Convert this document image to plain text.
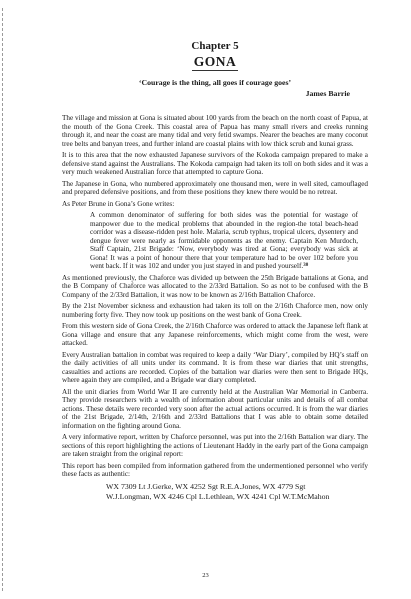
Chapter 5
GONA
‘Courage is the thing, all goes if courage goes’
James Barrie

The village and mission at Gona is situated about 100 yards from the beach on the north coast of Papua, at the mouth of the Gona Creek. This coastal area of Papua has many small rivers and creeks running through it, and near the coast are many tidal and very fetid swamps. Nearer the beaches are many coconut tree belts and banyan trees, and further inland are coastal plains with low thick scrub and kunai grass.

It is to this area that the now exhausted Japanese survivors of the Kokoda campaign prepared to make a defensive stand against the Australians. The Kokoda campaign had taken its toll on both sides and it was a very much weakened Australian force that attempted to capture Gona.

The Japanese in Gona, who numbered approximately one thousand men, were in well sited, camouflaged and prepared defensive positions, and from these positions they knew there would be no retreat.

As Peter Brune in Gona’s Gone writes:

A common denominator of suffering for both sides was the potential for wastage of manpower due to the medical problems that abounded in the region-the total beach-head corridor was a disease-ridden pest hole. Malaria, scrub typhus, tropical ulcers, dysentery and dengue fever were nearly as formidable opponents as the enemy. Captain Ken Murdoch, Staff Captain, 21st Brigade: ‘Now, everybody was tired at Gona; everybody was sick at Gona! It was a point of honour there that your temperature had to be over 102 before you went back. If it was 102 and under you just stayed in and pushed yourself.$^{30}$

As mentioned previously, the Chaforce was divided up between the 25th Brigade battalions at Gona, and the B Company of Chaforce was allocated to the 2/33rd Battalion. So as not to be confused with the B Company of the 2/33rd Battalion, it was now to be known as 2/16th Battalion Chaforce.

By the 21st November sickness and exhaustion had taken its toll on the 2/16th Chaforce men, now only numbering forty five. They now took up positions on the west bank of Gona Creek.

From this western side of Gona Creek, the 2/16th Chaforce was ordered to attack the Japanese left flank at Gona village and ensure that any Japanese reinforcements, which might come from the west, were attacked.

Every Australian battalion in combat was required to keep a daily ‘War Diary’, compiled by HQ’s staff on the daily activities of all units under its command. It is from these war diaries that unit strengths, casualties and actions are recorded. Copies of the battalion war diaries were then sent to Brigade HQs, where again they are compiled, and a Brigade war diary completed.

All the unit diaries from World War II are currently held at the Australian War Memorial in Canberra. They provide researchers with a wealth of information about particular units and details of all combat actions. These details were recorded very soon after the actual actions occurred. It is from the war diaries of the 21st Brigade, 2/14th, 2/16th and 2/33rd Battalions that I was able to obtain some detailed information on the fighting around Gona.

A very informative report, written by Chaforce personnel, was put into the 2/16th Battalion war diary. The sections of this report highlighting the actions of Lieutenant Haddy in the early part of the Gona campaign are taken straight from the original report:

This report has been compiled from information gathered from the undermentioned personnel who verify these facts as authentic:

WX 7309 Lt J.Gerke, WX 4252 Sgt R.E.A.Jones, WX 4779 Sgt
W.J.Longman, WX 4246 Cpl L.Lethlean, WX 4241 Cpl W.T.McMahon
23
